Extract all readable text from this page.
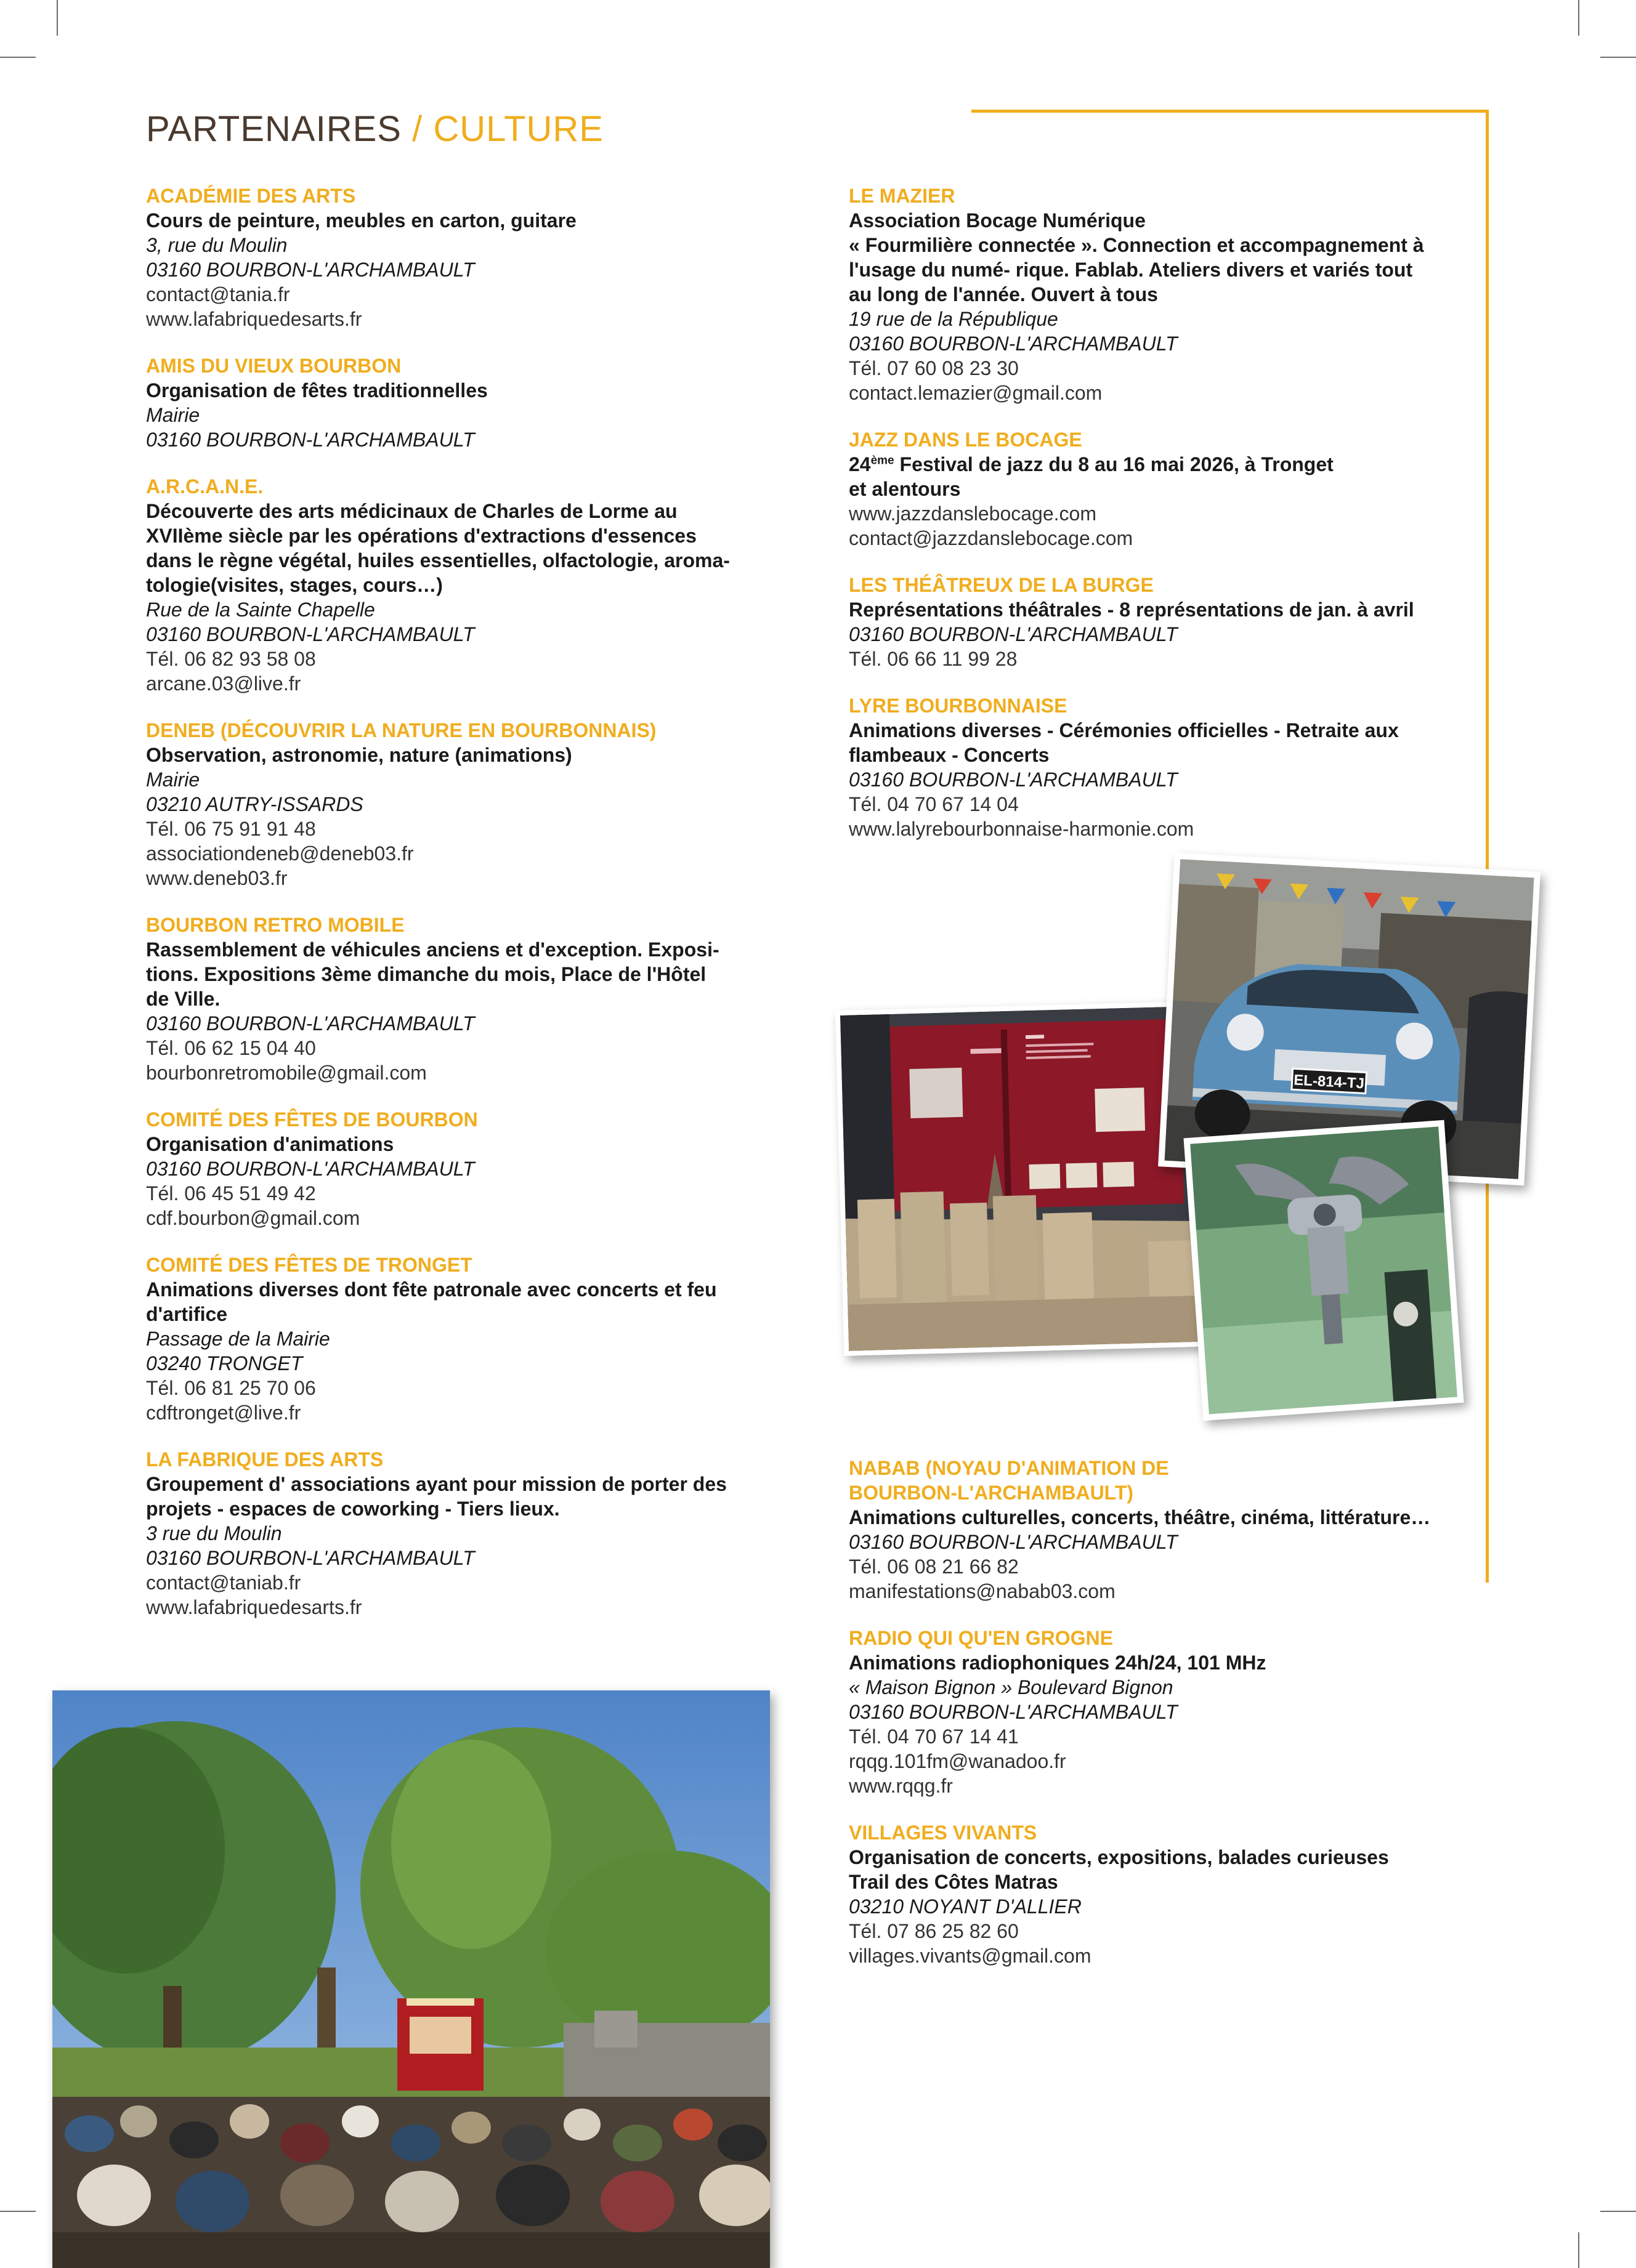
PARTENAIRES / CULTURE
ACADÉMIE DES ARTS
Cours de peinture, meubles en carton, guitare
3, rue du Moulin
03160 BOURBON-L'ARCHAMBAULT
contact@tania.fr
www.lafabriquedesarts.fr
AMIS DU VIEUX BOURBON
Organisation de fêtes traditionnelles
Mairie
03160 BOURBON-L'ARCHAMBAULT
A.R.C.A.N.E.
Découverte des arts médicinaux de Charles de Lorme au
XVIIème siècle par les opérations d'extractions d'essences
dans le règne végétal, huiles essentielles, olfactologie, aroma-
tologie(visites, stages, cours…)
Rue de la Sainte Chapelle
03160 BOURBON-L'ARCHAMBAULT
Tél. 06 82 93 58 08
arcane.03@live.fr
DENEB (DÉCOUVRIR LA NATURE EN BOURBONNAIS)
Observation, astronomie, nature (animations)
Mairie
03210 AUTRY-ISSARDS
Tél. 06 75 91 91 48
associationdeneb@deneb03.fr
www.deneb03.fr
BOURBON RETRO MOBILE
Rassemblement de véhicules anciens et d'exception. Exposi-
tions. Expositions 3ème dimanche du mois, Place de l'Hôtel
de Ville.
03160 BOURBON-L'ARCHAMBAULT
Tél. 06 62 15 04 40
bourbonretromobile@gmail.com
COMITÉ DES FÊTES DE BOURBON
Organisation d'animations
03160 BOURBON-L'ARCHAMBAULT
Tél. 06 45 51 49 42
cdf.bourbon@gmail.com
COMITÉ DES FÊTES DE TRONGET
Animations diverses dont fête patronale avec concerts et feu
d'artifice
Passage de la Mairie
03240 TRONGET
Tél. 06 81 25 70 06
cdftronget@live.fr
LA FABRIQUE DES ARTS
Groupement d' associations ayant pour mission de porter des
projets - espaces de coworking - Tiers lieux.
3 rue du Moulin
03160 BOURBON-L'ARCHAMBAULT
contact@taniab.fr
www.lafabriquedesarts.fr
LE MAZIER
Association Bocage Numérique
« Fourmilière connectée ». Connection et accompagnement à
l'usage du numé- rique. Fablab. Ateliers divers et variés tout
au long de l'année. Ouvert à tous
19 rue de la République
03160 BOURBON-L'ARCHAMBAULT
Tél. 07 60 08 23 30
contact.lemazier@gmail.com
JAZZ DANS LE BOCAGE
24ème Festival de jazz du 8 au 16 mai 2026, à Tronget
et alentours
www.jazzdanslebocage.com
contact@jazzdanslebocage.com
LES THÉÂTREUX DE LA BURGE
Représentations théâtrales - 8 représentations de jan. à avril
03160 BOURBON-L'ARCHAMBAULT
Tél. 06 66 11 99 28
LYRE BOURBONNAISE
Animations diverses - Cérémonies officielles - Retraite aux
flambeaux - Concerts
03160 BOURBON-L'ARCHAMBAULT
Tél. 04 70 67 14 04
www.lalyrebourbonnaise-harmonie.com
NABAB (NOYAU D'ANIMATION DE
BOURBON-L'ARCHAMBAULT)
Animations culturelles, concerts, théâtre, cinéma, littérature…
03160 BOURBON-L'ARCHAMBAULT
Tél. 06 08 21 66 82
manifestations@nabab03.com
RADIO QUI QU'EN GROGNE
Animations radiophoniques 24h/24, 101 MHz
« Maison Bignon » Boulevard Bignon
03160 BOURBON-L'ARCHAMBAULT
Tél. 04 70 67 14 41
rqqg.101fm@wanadoo.fr
www.rqqg.fr
VILLAGES VIVANTS
Organisation de concerts, expositions, balades curieuses
Trail des Côtes Matras
03210 NOYANT D'ALLIER
Tél. 07 86 25 82 60
villages.vivants@gmail.com
EL-814-TJ
